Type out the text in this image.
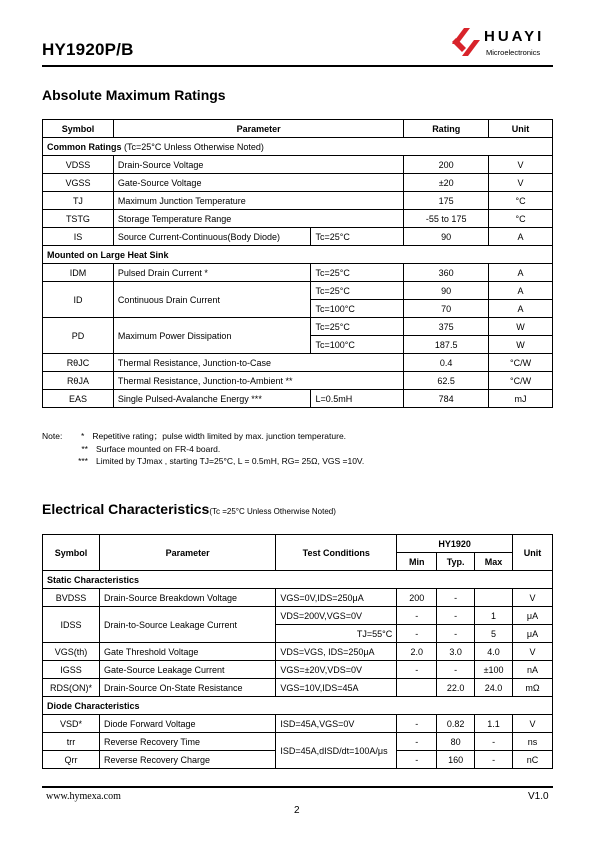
HY1920P/B
HUAYI
Microelectronics
Absolute Maximum Ratings
Symbol	Parameter		Rating	Unit
Common Ratings (Tc=25°C Unless Otherwise Noted)				
VDSS	Drain-Source Voltage		200	V
VGSS	Gate-Source Voltage		±20	V
TJ	Maximum Junction Temperature		175	°C
TSTG	Storage Temperature Range		-55 to 175	°C
IS	Source Current-Continuous(Body Diode)	Tc=25°C	90	A
Mounted on Large Heat Sink				
IDM	Pulsed Drain Current *	Tc=25°C	360	A
ID	Continuous Drain Current	Tc=25°C	90	A
		Tc=100°C	70	A
PD	Maximum Power Dissipation	Tc=25°C	375	W
		Tc=100°C	187.5	W
RθJC	Thermal Resistance, Junction-to-Case		0.4	°C/W
RθJA	Thermal Resistance, Junction-to-Ambient **		62.5	°C/W
EAS	Single Pulsed-Avalanche Energy ***	L=0.5mH	784	mJ
Note: * Repetitive rating；pulse width limited by max. junction temperature.
** Surface mounted on FR-4 board.
*** Limited by TJmax , starting TJ=25°C, L = 0.5mH, RG= 25Ω, VGS =10V.
Electrical Characteristics(Tc =25°C Unless Otherwise Noted)
Symbol	Parameter	Test Conditions	HY1920			Unit
			Min	Typ.	Max	
Static Characteristics						
BVDSS	Drain-Source Breakdown Voltage	VGS=0V,IDS=250μA	200	-		V
IDSS	Drain-to-Source Leakage Current	VDS=200V,VGS=0V	-	-	1	μA
		TJ=55°C	-	-	5	μA
VGS(th)	Gate Threshold Voltage	VDS=VGS, IDS=250μA	2.0	3.0	4.0	V
IGSS	Gate-Source Leakage Current	VGS=±20V,VDS=0V	-	-	±100	nA
RDS(ON)*	Drain-Source On-State Resistance	VGS=10V,IDS=45A		22.0	24.0	mΩ
Diode Characteristics						
VSD*	Diode Forward Voltage	ISD=45A,VGS=0V	-	0.82	1.1	V
trr	Reverse Recovery Time	ISD=45A,dISD/dt=100A/μs	-	80	-	ns
Qrr	Reverse Recovery Charge		-	160	-	nC
www.hymexa.com	V1.0
2
